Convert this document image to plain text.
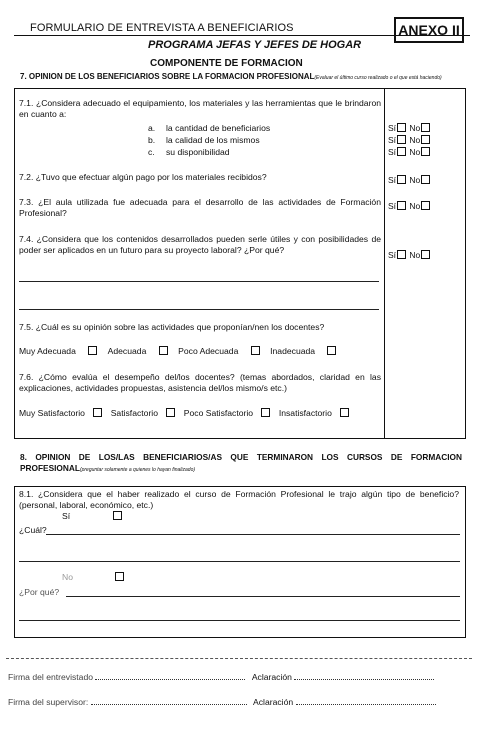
FORMULARIO DE ENTREVISTA A BENEFICIARIOS	ANEXO II
PROGRAMA JEFAS Y JEFES DE HOGAR
COMPONENTE DE FORMACION
7. OPINION DE LOS BENEFICIARIOS SOBRE LA FORMACION PROFESIONAL(Evaluar el último curso realizado o el que está haciendo)
7.1. ¿Considera adecuado el equipamiento, los materiales y las herramientas que le brindaron en cuanto a:
a. la cantidad de beneficiarios
b. la calidad de los mismos
c. su disponibilidad
Sí No
Sí No
Sí No
7.2. ¿Tuvo que efectuar algún pago por los materiales recibidos?	Sí No
7.3. ¿El aula utilizada fue adecuada para el desarrollo de las actividades de Formación Profesional?
Sí No
7.4. ¿Considera que los contenidos desarrollados pueden serle útiles y con posibilidades de poder ser aplicados en un futuro para su proyecto laboral? ¿Por qué?	Sí No
7.5. ¿Cuál es su opinión sobre las actividades que proponían/nen los docentes?
Muy Adecuada	Adecuada	Poco Adecuada	Inadecuada
7.6. ¿Cómo evalúa el desempeño del/los docentes? (temas abordados, claridad en las explicaciones, actividades propuestas, asistencia del/los mismo/s etc.)
Muy Satisfactorio	Satisfactorio	Poco Satisfactorio	Insatisfactorio
8. OPINION DE LOS/LAS BENEFICIARIOS/AS QUE TERMINARON LOS CURSOS DE FORMACION PROFESIONAL(preguntar solamente a quienes lo hayan finalizado)
8.1. ¿Considera que el haber realizado el curso de Formación Profesional le trajo algún tipo de beneficio? (personal, laboral, económico, etc.)
Sí
¿Cuál?
No
¿Por qué?
Firma del entrevistado	Aclaración
Firma del supervisor:	Aclaración
